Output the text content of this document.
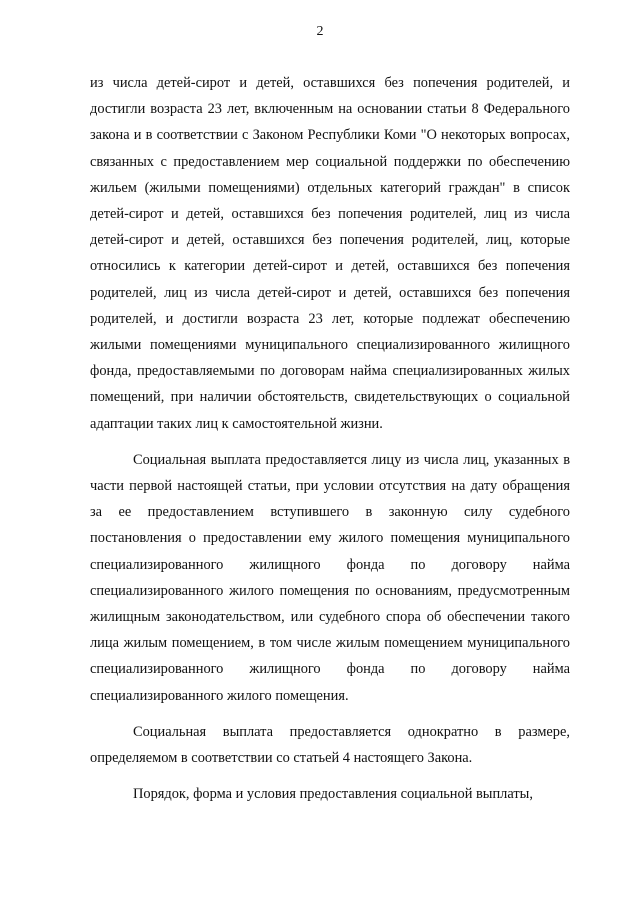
2

из числа детей-сирот и детей, оставшихся без попечения родителей, и достигли возраста 23 лет, включенным на основании статьи 8 Федерального закона и в соответствии с Законом Республики Коми "О некоторых вопросах, связанных с предоставлением мер социальной поддержки по обеспечению жильем (жилыми помещениями) отдельных категорий граждан" в список детей-сирот и детей, оставшихся без попечения родителей, лиц из числа детей-сирот и детей, оставшихся без попечения родителей, лиц, которые относились к категории детей-сирот и детей, оставшихся без попечения родителей, лиц из числа детей-сирот и детей, оставшихся без попечения родителей, и достигли возраста 23 лет, которые подлежат обеспечению жилыми помещениями муниципального специализированного жилищного фонда, предоставляемыми по договорам найма специализированных жилых помещений, при наличии обстоятельств, свидетельствующих о социальной адаптации таких лиц к самостоятельной жизни.

Социальная выплата предоставляется лицу из числа лиц, указанных в части первой настоящей статьи, при условии отсутствия на дату обращения за ее предоставлением вступившего в законную силу судебного постановления о предоставлении ему жилого помещения муниципального специализированного жилищного фонда по договору найма специализированного жилого помещения по основаниям, предусмотренным жилищным законодательством, или судебного спора об обеспечении такого лица жилым помещением, в том числе жилым помещением муниципального специализированного жилищного фонда по договору найма специализированного жилого помещения.

Социальная выплата предоставляется однократно в размере, определяемом в соответствии со статьей 4 настоящего Закона.

Порядок, форма и условия предоставления социальной выплаты,
